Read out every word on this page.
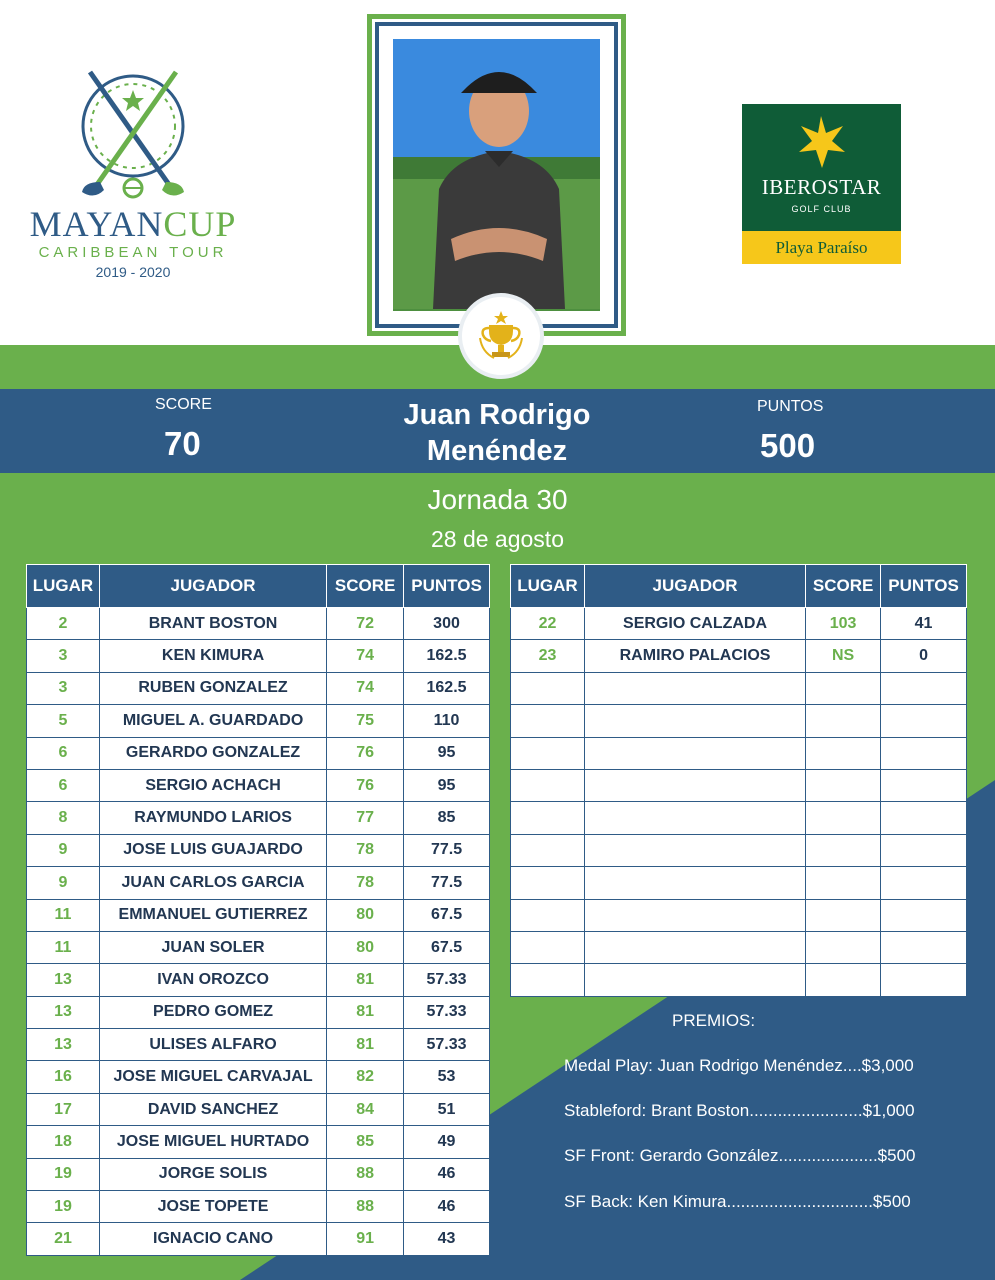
MAYANCUP
CARIBBEAN TOUR
2019 - 2020
IBEROSTAR
GOLF CLUB
Playa Paraíso
SCORE
70
Juan Rodrigo
Menéndez
PUNTOS
500
Jornada 30
28 de agosto
LUGAR	JUGADOR	SCORE	PUNTOS
2	BRANT BOSTON	72	300
3	KEN KIMURA	74	162.5
3	RUBEN GONZALEZ	74	162.5
5	MIGUEL A. GUARDADO	75	110
6	GERARDO GONZALEZ	76	95
6	SERGIO ACHACH	76	95
8	RAYMUNDO LARIOS	77	85
9	JOSE LUIS GUAJARDO	78	77.5
9	JUAN CARLOS GARCIA	78	77.5
11	EMMANUEL GUTIERREZ	80	67.5
11	JUAN SOLER	80	67.5
13	IVAN OROZCO	81	57.33
13	PEDRO GOMEZ	81	57.33
13	ULISES ALFARO	81	57.33
16	JOSE MIGUEL CARVAJAL	82	53
17	DAVID SANCHEZ	84	51
18	JOSE MIGUEL HURTADO	85	49
19	JORGE SOLIS	88	46
19	JOSE TOPETE	88	46
21	IGNACIO CANO	91	43
LUGAR	JUGADOR	SCORE	PUNTOS
22	SERGIO CALZADA	103	41
23	RAMIRO PALACIOS	NS	0

PREMIOS:
Medal Play: Juan Rodrigo Menéndez....$3,000
Stableford: Brant Boston........................$1,000
SF Front: Gerardo González.....................$500
SF Back: Ken Kimura...............................$500
